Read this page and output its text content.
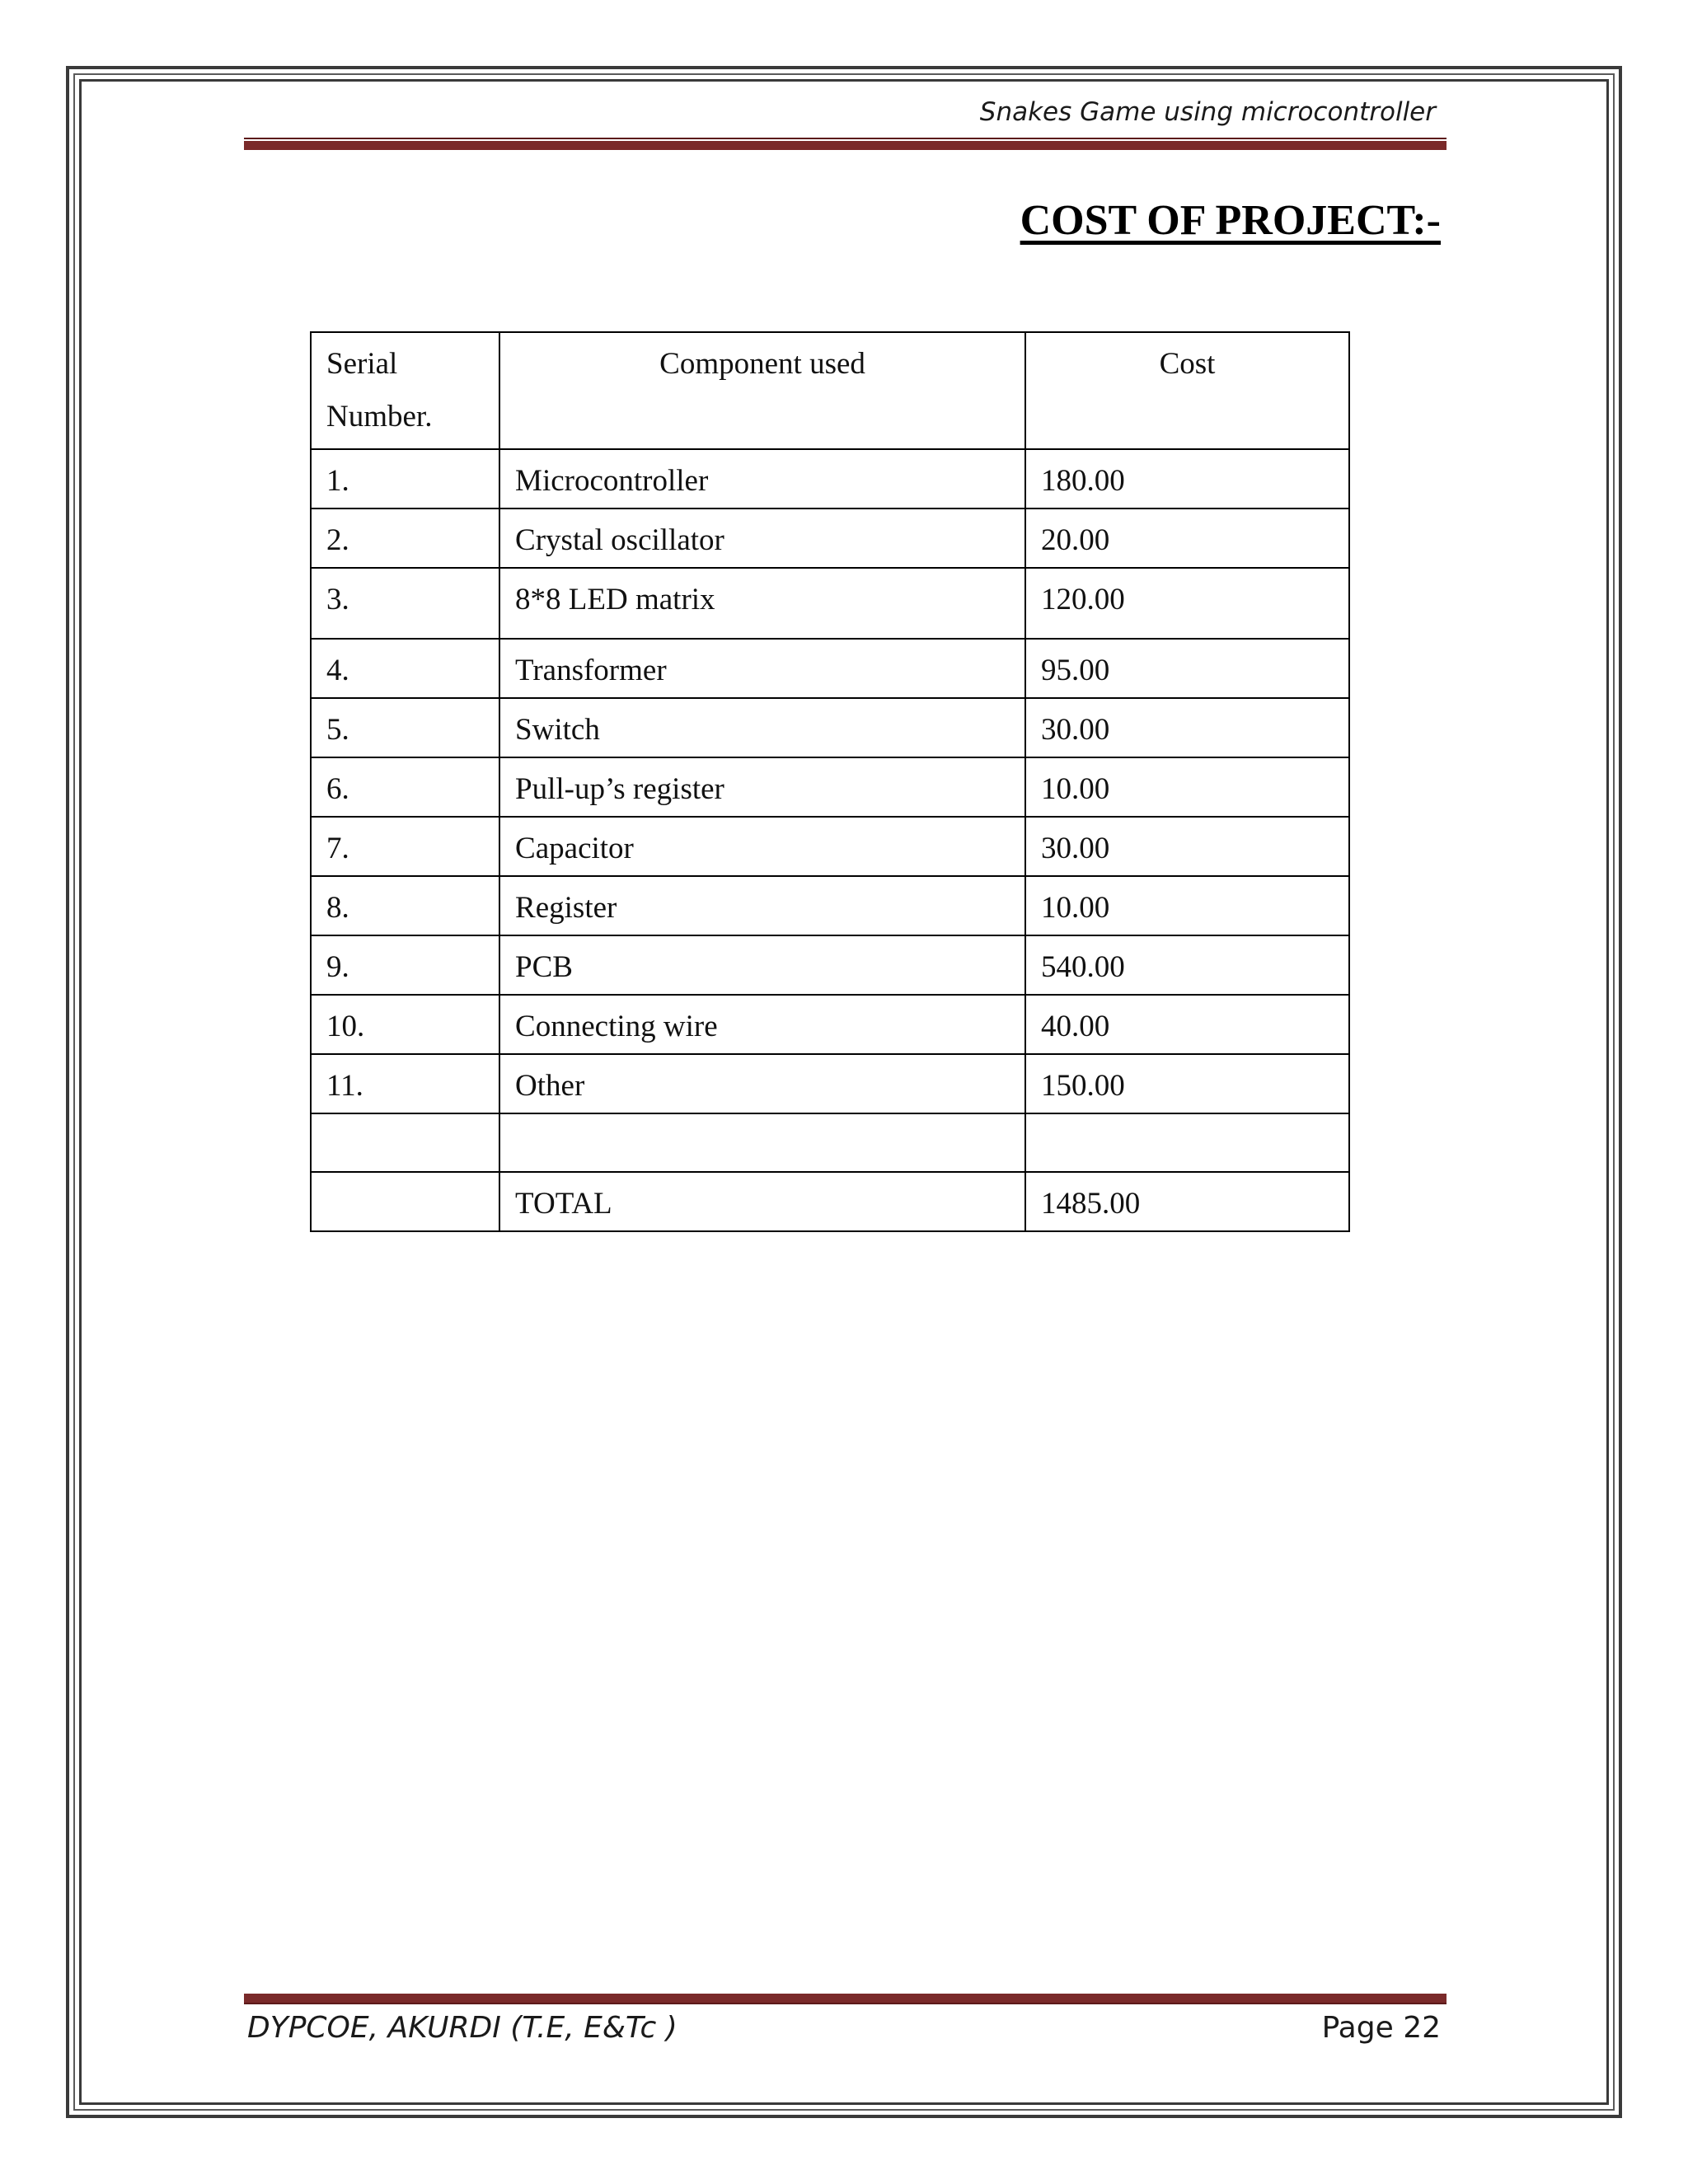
Snakes Game using microcontroller
COST OF PROJECT:-
Serial Number.	Component used	Cost
1.	Microcontroller	180.00
2.	Crystal oscillator	20.00
3.	8*8 LED matrix	120.00
4.	Transformer	95.00
5.	Switch	30.00
6.	Pull-up’s register	10.00
7.	Capacitor	30.00
8.	Register	10.00
9.	PCB	540.00
10.	Connecting wire	40.00
11.	Other	150.00

	TOTAL	1485.00
DYPCOE, AKURDI (T.E, E&Tc )	Page 22
